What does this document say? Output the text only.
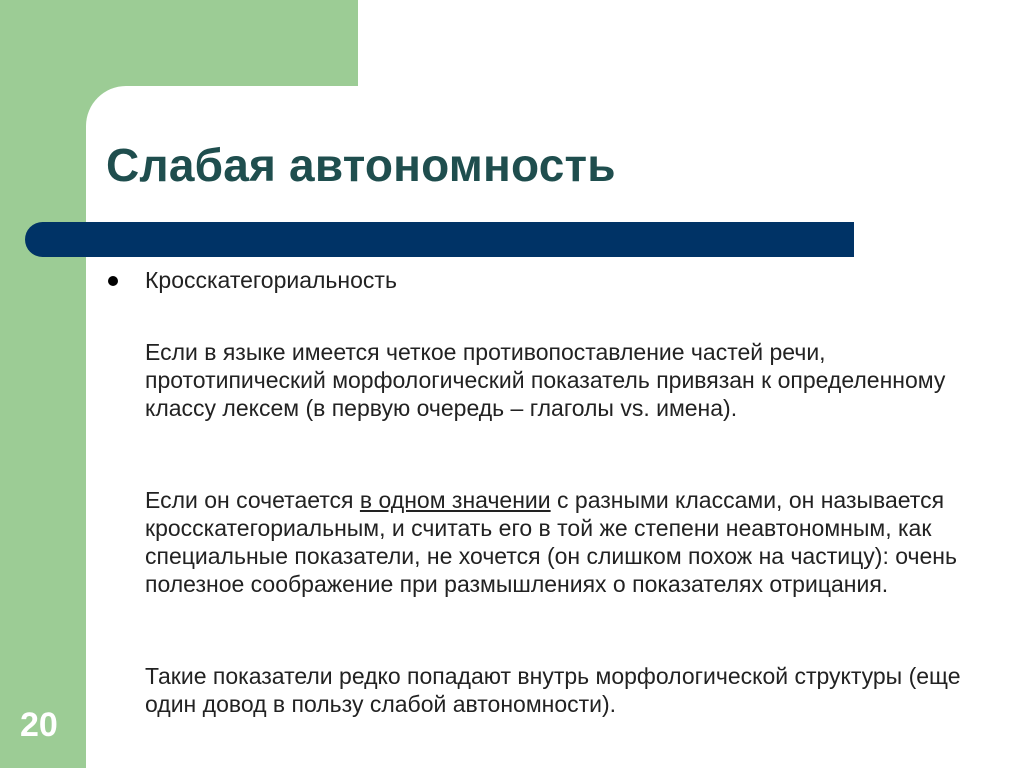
Слабая автономность

Кросскатегориальность

Если в языке имеется четкое противопоставление частей речи, прототипический морфологический показатель привязан к определенному классу лексем (в первую очередь – глаголы vs. имена).

Если он сочетается в одном значении с разными классами, он называется кросскатегориальным, и считать его в той же степени неавтономным, как специальные показатели, не хочется (он слишком похож на частицу): очень полезное соображение при размышлениях о показателях отрицания.

Такие показатели редко попадают внутрь морфологической структуры (еще один довод в пользу слабой автономности).

20
